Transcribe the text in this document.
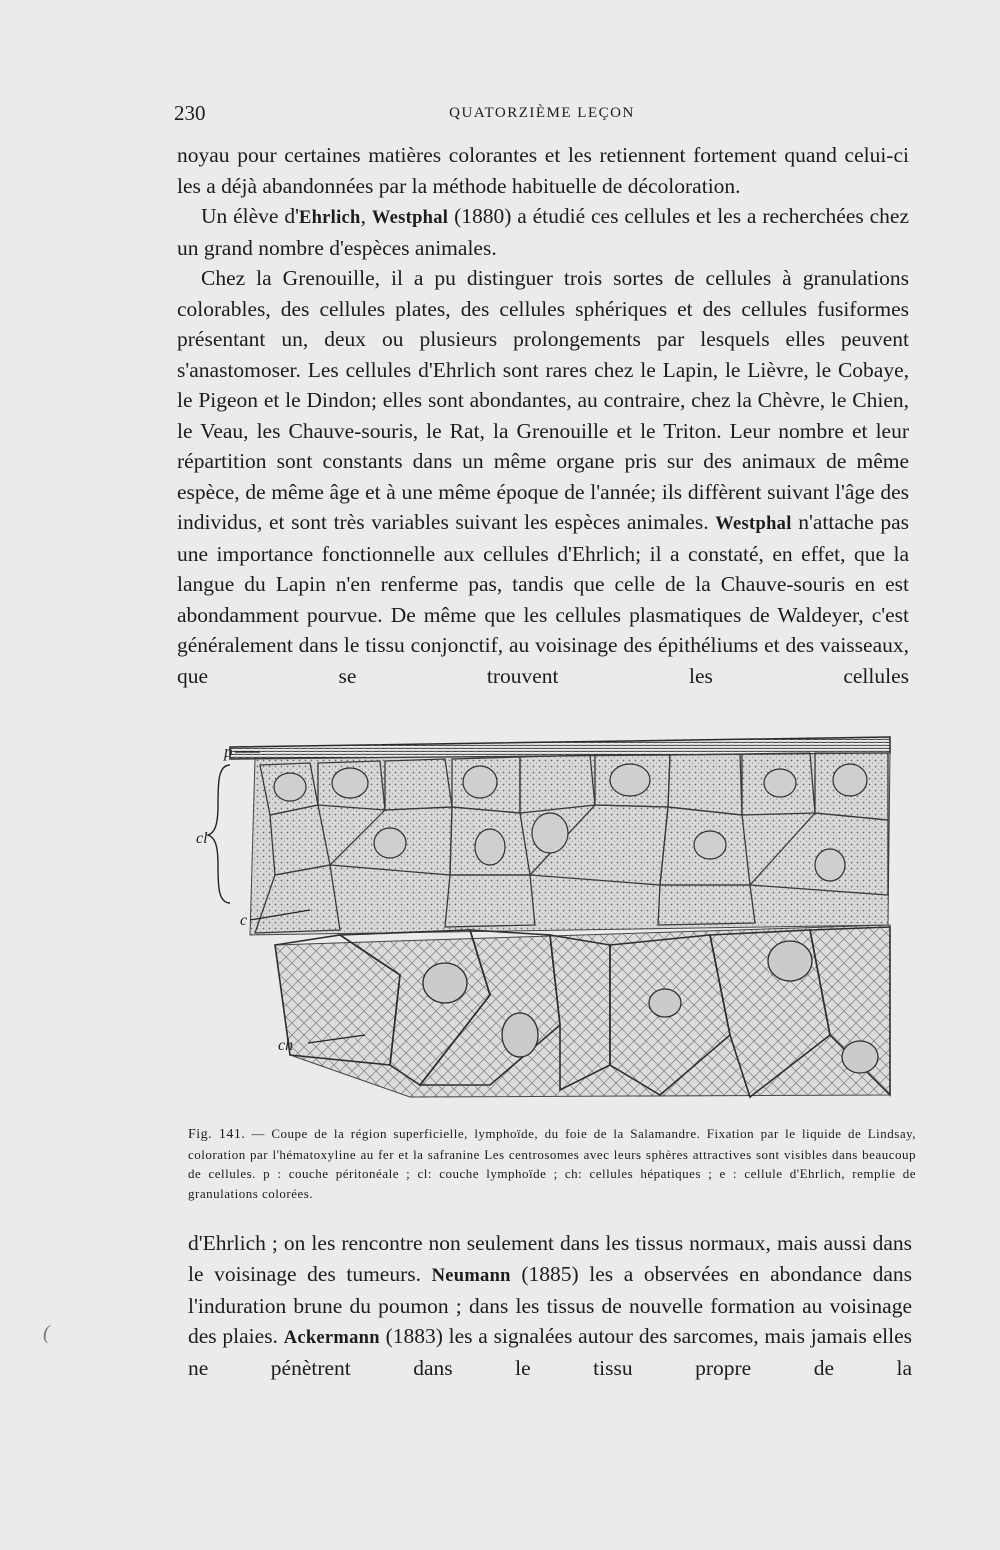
230	QUATORZIÈME LEÇON

noyau pour certaines matières colorantes et les retiennent fortement quand celui-ci les a déjà abandonnées par la méthode habituelle de décoloration.

Un élève d'Ehrlich, Westphal (1880) a étudié ces cellules et les a recherchées chez un grand nombre d'espèces animales.

Chez la Grenouille, il a pu distinguer trois sortes de cellules à granulations colorables, des cellules plates, des cellules sphériques et des cellules fusiformes présentant un, deux ou plusieurs prolongements par lesquels elles peuvent s'anastomoser. Les cellules d'Ehrlich sont rares chez le Lapin, le Lièvre, le Cobaye, le Pigeon et le Dindon; elles sont abondantes, au contraire, chez la Chèvre, le Chien, le Veau, les Chauve-souris, le Rat, la Grenouille et le Triton. Leur nombre et leur répartition sont constants dans un même organe pris sur des animaux de même espèce, de même âge et à une même époque de l'année; ils diffèrent suivant l'âge des individus, et sont très variables suivant les espèces animales. Westphal n'attache pas une importance fonctionnelle aux cellules d'Ehrlich; il a constaté, en effet, que la langue du Lapin n'en renferme pas, tandis que celle de la Chauve-souris en est abondamment pourvue. De même que les cellules plasmatiques de Waldeyer, c'est généralement dans le tissu conjonctif, au voisinage des épithéliums et des vaisseaux, que se trouvent les cellules

p
cl
c
ch

Fig. 141. — Coupe de la région superficielle, lymphoïde, du foie de la Salamandre. Fixation par le liquide de Lindsay, coloration par l'hématoxyline au fer et la safranine Les centrosomes avec leurs sphères attractives sont visibles dans beaucoup de cellules. p : couche péritonéale ; cl: couche lymphoïde ; ch: cellules hépatiques ; e : cellule d'Ehrlich, remplie de granulations colorées.

d'Ehrlich ; on les rencontre non seulement dans les tissus normaux, mais aussi dans le voisinage des tumeurs. Neumann (1885) les a observées en abondance dans l'induration brune du poumon ; dans les tissus de nouvelle formation au voisinage des plaies. Ackermann (1883) les a signalées autour des sarcomes, mais jamais elles ne pénètrent dans le tissu propre de la

(
